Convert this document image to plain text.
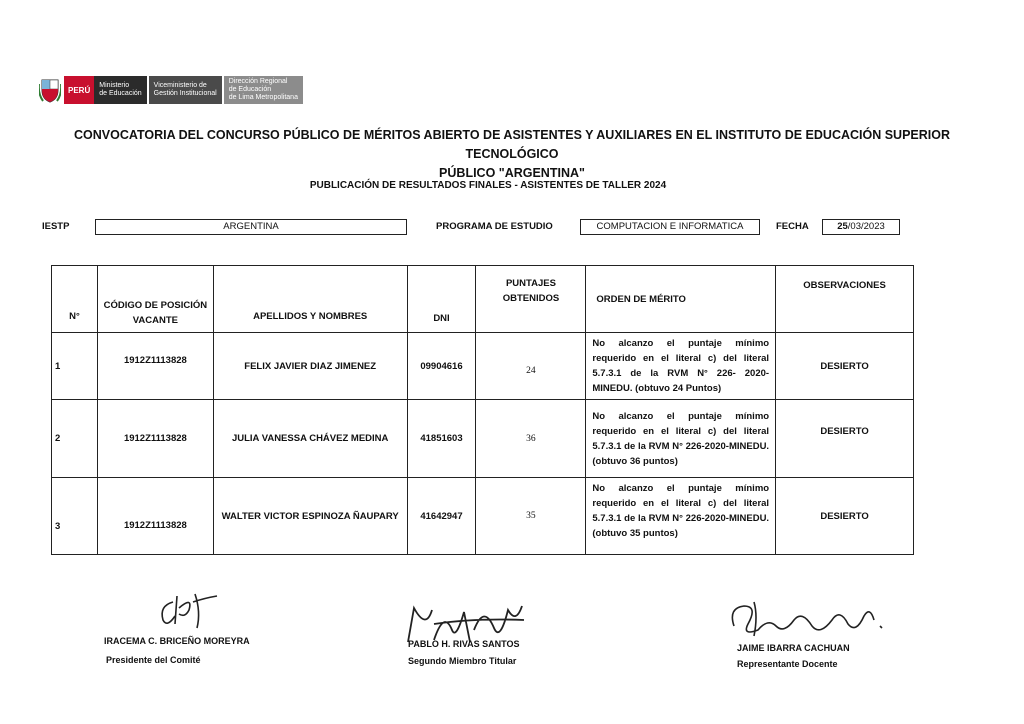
PERÚ	Ministerio
de Educación
Viceministerio de
Gestión Institucional
Dirección Regional
de Educación
de Lima Metropolitana
CONVOCATORIA DEL CONCURSO PÚBLICO DE MÉRITOS ABIERTO DE ASISTENTES Y AUXILIARES EN EL INSTITUTO DE EDUCACIÓN SUPERIOR TECNOLÓGICO
PÚBLICO "ARGENTINA"
PUBLICACIÓN DE RESULTADOS FINALES - ASISTENTES DE TALLER 2024
IESTP	ARGENTINA	PROGRAMA DE ESTUDIO	COMPUTACION E INFORMATICA	FECHA	25/03/2023
N°	CÓDIGO DE POSICIÓN VACANTE	APELLIDOS Y NOMBRES	DNI	PUNTAJES OBTENIDOS	ORDEN DE MÉRITO	OBSERVACIONES
1	1912Z1113828	FELIX JAVIER DIAZ JIMENEZ	09904616	24	No alcanzo el puntaje mínimo requerido en el literal c) del literal 5.7.3.1 de la RVM N° 226- 2020-MINEDU. (obtuvo 24 Puntos)	DESIERTO
2	1912Z1113828	JULIA VANESSA CHÁVEZ MEDINA	41851603	36	No alcanzo el puntaje mínimo requerido en el literal c) del literal 5.7.3.1 de la RVM N° 226-2020-MINEDU. (obtuvo 36 puntos)	DESIERTO
3	1912Z1113828	WALTER VICTOR ESPINOZA ÑAUPARY	41642947	35	No alcanzo el puntaje mínimo requerido en el literal c) del literal 5.7.3.1 de la RVM N° 226-2020-MINEDU. (obtuvo 35 puntos)	DESIERTO
IRACEMA C. BRICEÑO MOREYRA
Presidente del Comité
PABLO H. RIVAS SANTOS
Segundo Miembro Titular
JAIME IBARRA CACHUAN
Representante Docente
